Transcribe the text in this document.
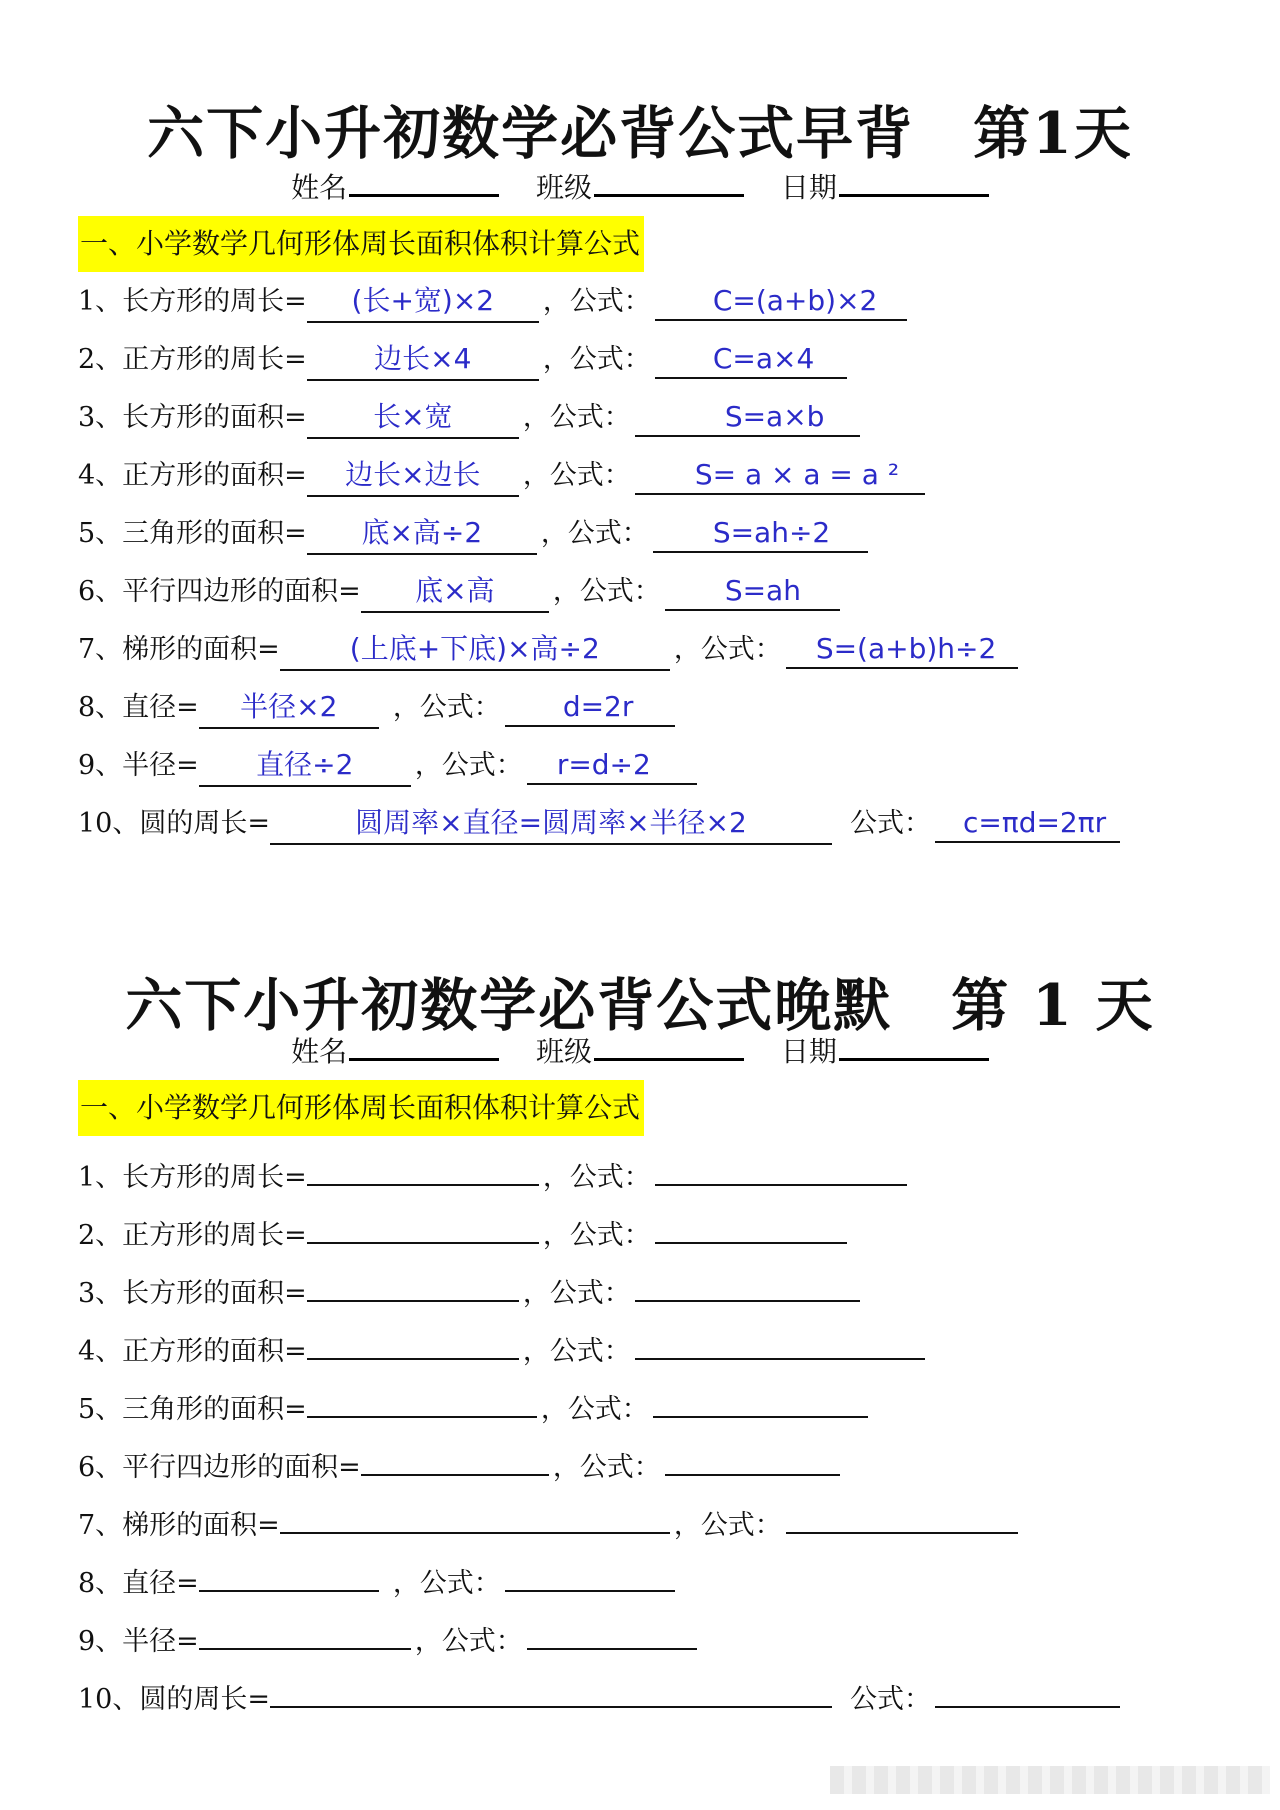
六下小升初数学必背公式早背　第1天
姓名	班级	日期
一、小学数学几何形体周长面积体积计算公式
1、长方形的周长= (长+宽)×2 ，公式： C=(a+b)×2
2、正方形的周长= 边长×4	，公式： C=a×4
3、长方形的面积= 长×宽	，公式：	S=a×b
4、正方形的面积= 边长×边长 ，公式： S= a × a = a ²
5、三角形的面积= 底×高÷2 ，公式： S=ah÷2
6、平行四边形的面积= 底×高 ，公式： S=ah
7、梯形的面积= (上底+下底)×高÷2	，公式： S=(a+b)h÷2
8、直径= 半径×2 ，公式： d=2r
9、半径= 直径÷2 ，公式： r=d÷2
10、圆的周长=	圆周率×直径=圆周率×半径×2	公式： c=πd=2πr
六下小升初数学必背公式晚默　第 1 天
姓名	班级	日期
一、小学数学几何形体周长面积体积计算公式
1、长方形的周长=	，公式：
2、正方形的周长=	，公式：
3、长方形的面积=	，公式：
4、正方形的面积=	，公式：
5、三角形的面积=	，公式：
6、平行四边形的面积=	，公式：
7、梯形的面积=	，公式：
8、直径=	，公式：
9、半径=	，公式：
10、圆的周长=	公式：
